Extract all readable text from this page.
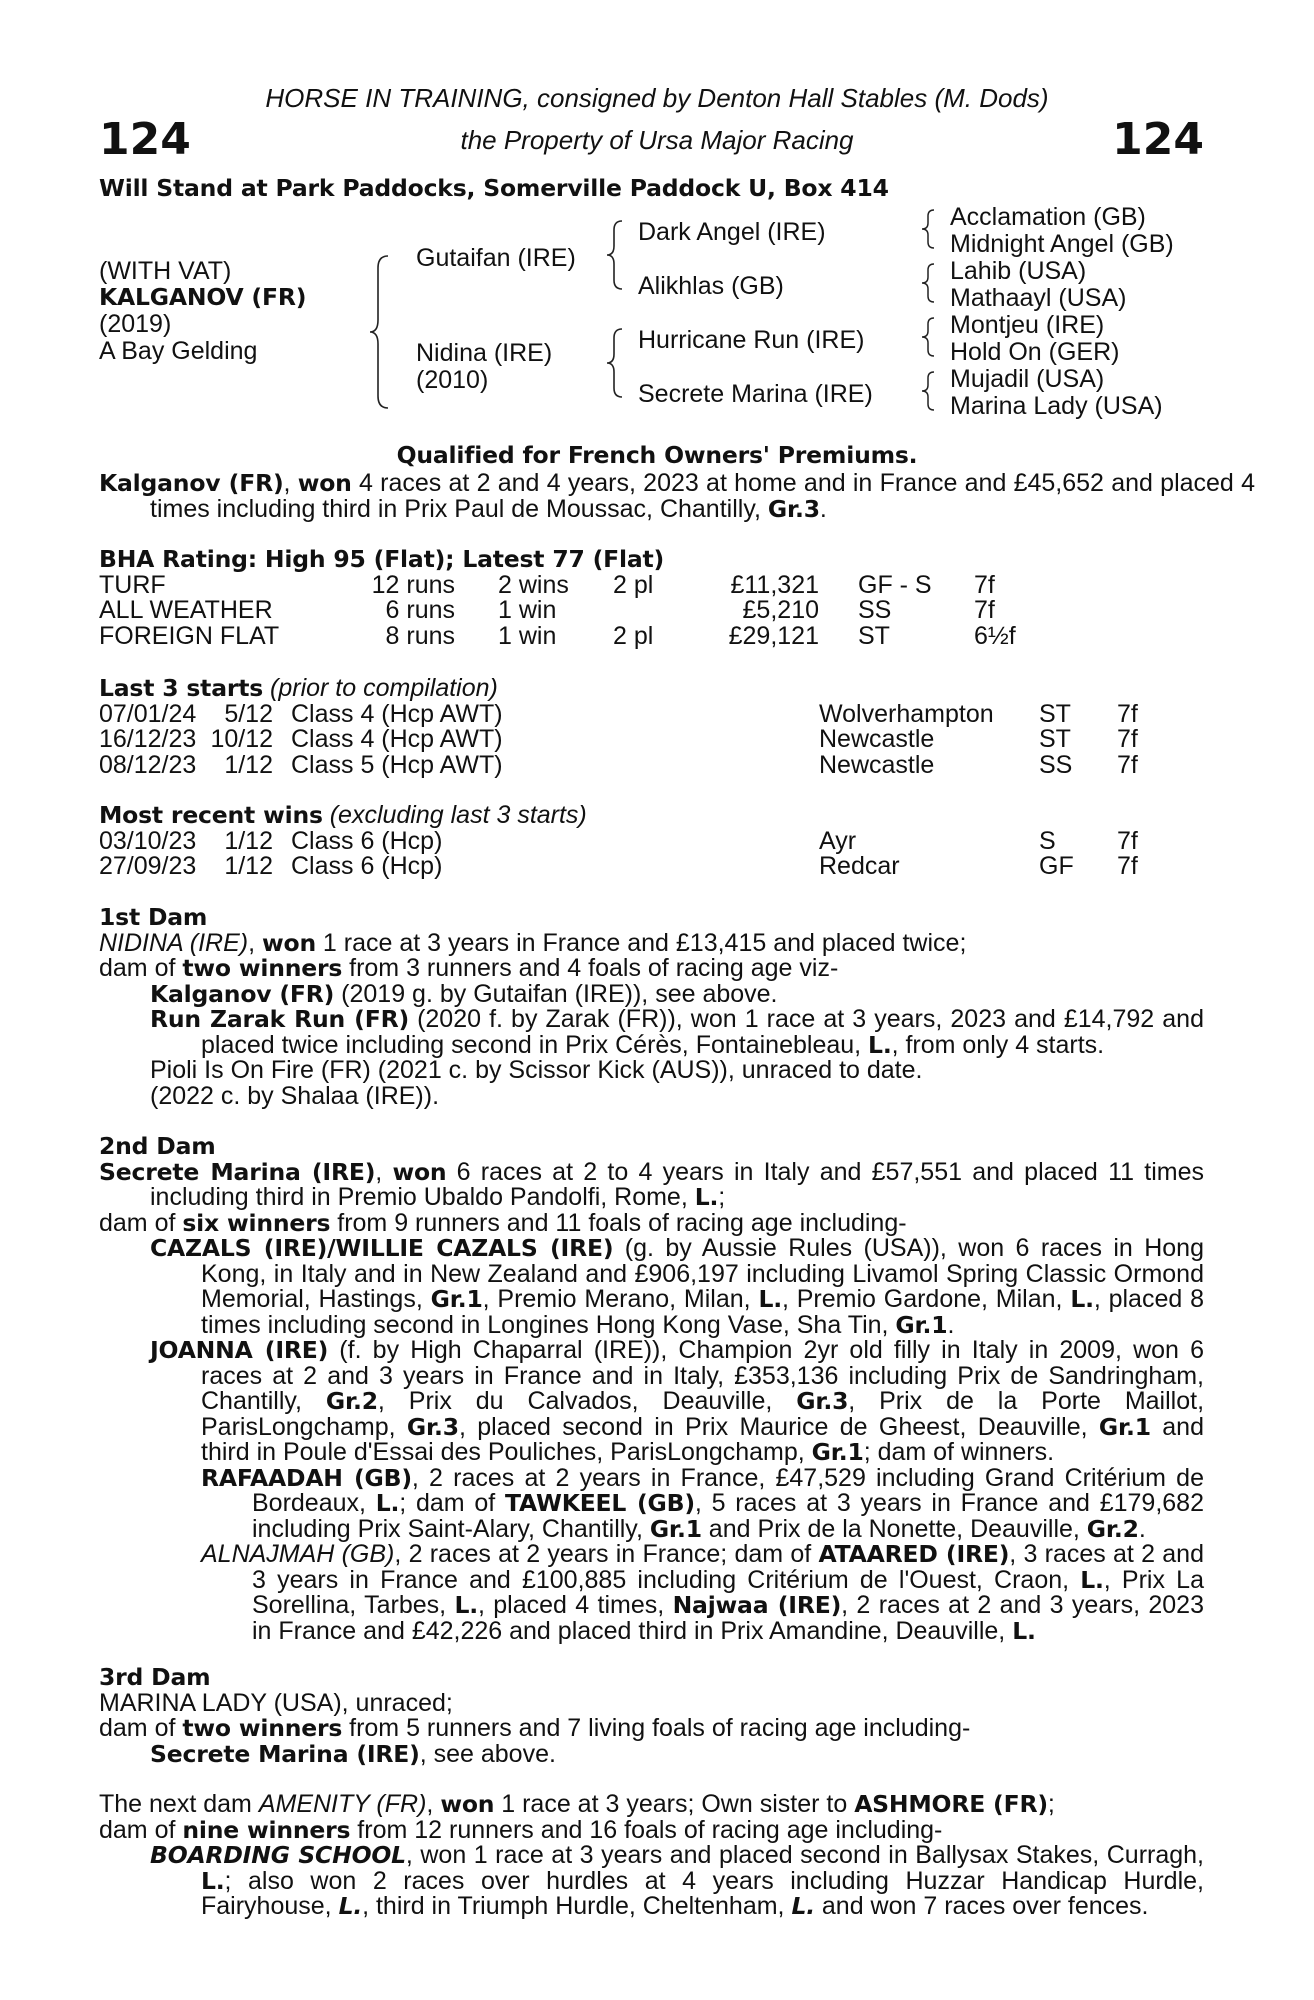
HORSE IN TRAINING, consigned by Denton Hall Stables (M. Dods)
the Property of Ursa Major Racing
124	124
Will Stand at Park Paddocks, Somerville Paddock U, Box 414
(WITH VAT)
KALGANOV (FR)
(2019)
A Bay Gelding
Gutaifan (IRE)
Nidina (IRE)
(2010)
Dark Angel (IRE)
Alikhlas (GB)
Hurricane Run (IRE)
Secrete Marina (IRE)
Acclamation (GB)
Midnight Angel (GB)
Lahib (USA)
Mathaayl (USA)
Montjeu (IRE)
Hold On (GER)
Mujadil (USA)
Marina Lady (USA)
Qualified for French Owners' Premiums.
Kalganov (FR), won 4 races at 2 and 4 years, 2023 at home and in France and £45,652 and placed 4 times including third in Prix Paul de Moussac, Chantilly, Gr.3.
BHA Rating: High 95 (Flat); Latest 77 (Flat)
TURF	12 runs 2 wins 2 pl	£11,321 GF - S 7f
ALL WEATHER	6 runs 1 win	£5,210 SS	7f
FOREIGN FLAT	8 runs 1 win 2 pl	£29,121 ST	6½f
Last 3 starts (prior to compilation)
07/01/24 5/12 Class 4 (Hcp AWT)	Wolverhampton ST 7f
16/12/23 10/12 Class 4 (Hcp AWT)	Newcastle	ST 7f
08/12/23 1/12 Class 5 (Hcp AWT)	Newcastle	SS 7f
Most recent wins (excluding last 3 starts)
03/10/23 1/12 Class 6 (Hcp)	Ayr	S 7f
27/09/23 1/12 Class 6 (Hcp)	Redcar	GF 7f
1st Dam
NIDINA (IRE), won 1 race at 3 years in France and £13,415 and placed twice;
dam of two winners from 3 runners and 4 foals of racing age viz-
Kalganov (FR) (2019 g. by Gutaifan (IRE)), see above.
Run Zarak Run (FR) (2020 f. by Zarak (FR)), won 1 race at 3 years, 2023 and £14,792 and placed twice including second in Prix Cérès, Fontainebleau, L., from only 4 starts.
Pioli Is On Fire (FR) (2021 c. by Scissor Kick (AUS)), unraced to date.
(2022 c. by Shalaa (IRE)).
2nd Dam
Secrete Marina (IRE), won 6 races at 2 to 4 years in Italy and £57,551 and placed 11 times including third in Premio Ubaldo Pandolfi, Rome, L.;
dam of six winners from 9 runners and 11 foals of racing age including-
CAZALS (IRE)/WILLIE CAZALS (IRE) (g. by Aussie Rules (USA)), won 6 races in Hong Kong, in Italy and in New Zealand and £906,197 including Livamol Spring Classic Ormond Memorial, Hastings, Gr.1, Premio Merano, Milan, L., Premio Gardone, Milan, L., placed 8 times including second in Longines Hong Kong Vase, Sha Tin, Gr.1.
JOANNA (IRE) (f. by High Chaparral (IRE)), Champion 2yr old filly in Italy in 2009, won 6 races at 2 and 3 years in France and in Italy, £353,136 including Prix de Sandringham, Chantilly, Gr.2, Prix du Calvados, Deauville, Gr.3, Prix de la Porte Maillot, ParisLongchamp, Gr.3, placed second in Prix Maurice de Gheest, Deauville, Gr.1 and third in Poule d'Essai des Pouliches, ParisLongchamp, Gr.1; dam of winners.
RAFAADAH (GB), 2 races at 2 years in France, £47,529 including Grand Critérium de Bordeaux, L.; dam of TAWKEEL (GB), 5 races at 3 years in France and £179,682 including Prix Saint-Alary, Chantilly, Gr.1 and Prix de la Nonette, Deauville, Gr.2.
ALNAJMAH (GB), 2 races at 2 years in France; dam of ATAARED (IRE), 3 races at 2 and 3 years in France and £100,885 including Critérium de l'Ouest, Craon, L., Prix La Sorellina, Tarbes, L., placed 4 times, Najwaa (IRE), 2 races at 2 and 3 years, 2023 in France and £42,226 and placed third in Prix Amandine, Deauville, L.
3rd Dam
MARINA LADY (USA), unraced;
dam of two winners from 5 runners and 7 living foals of racing age including-
Secrete Marina (IRE), see above.
The next dam AMENITY (FR), won 1 race at 3 years; Own sister to ASHMORE (FR);
dam of nine winners from 12 runners and 16 foals of racing age including-
BOARDING SCHOOL, won 1 race at 3 years and placed second in Ballysax Stakes, Curragh, L.; also won 2 races over hurdles at 4 years including Huzzar Handicap Hurdle, Fairyhouse, L., third in Triumph Hurdle, Cheltenham, L. and won 7 races over fences.
